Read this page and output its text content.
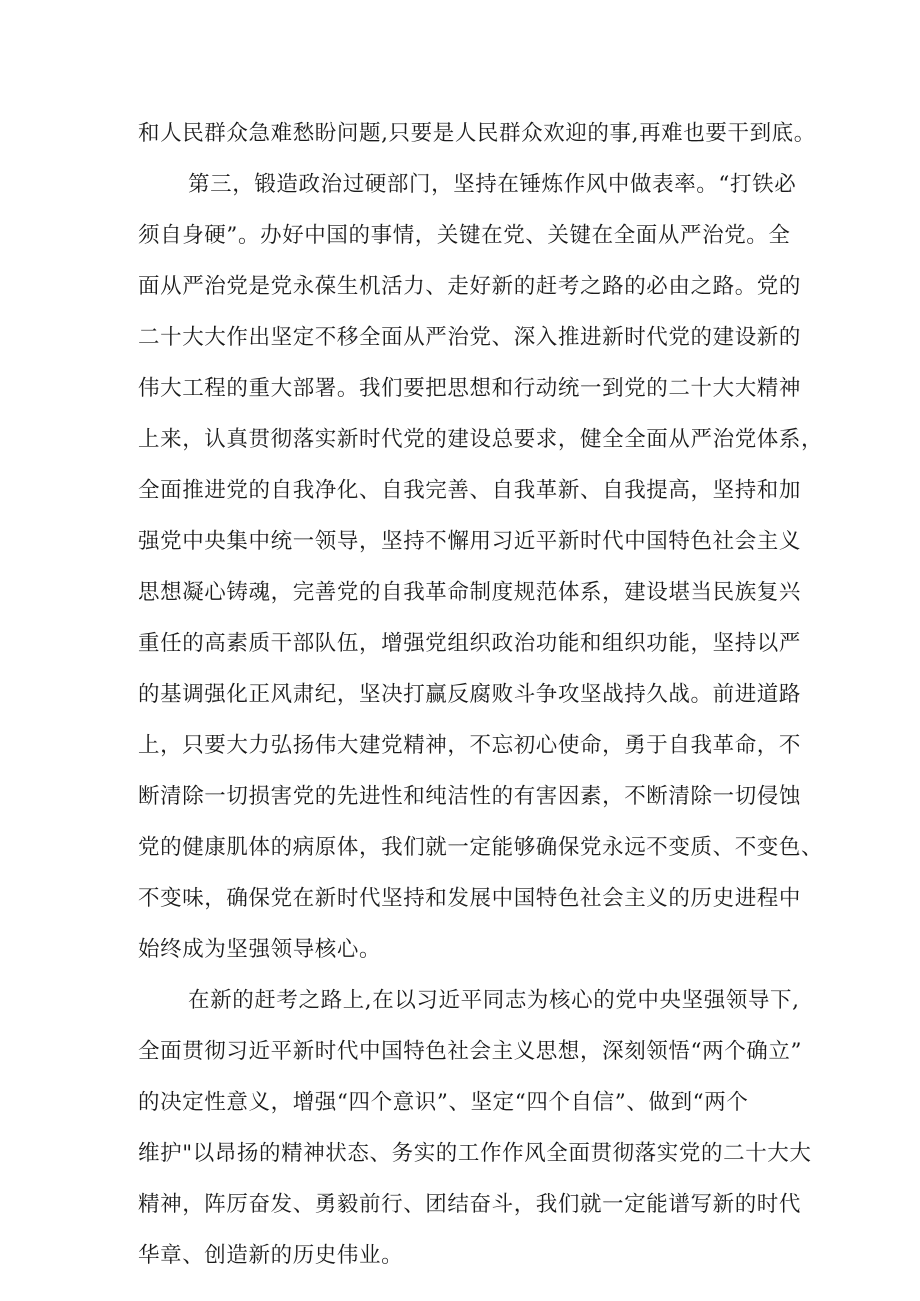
和人民群众急难愁盼问题,只要是人民群众欢迎的事,再难也要干到底。
第三，锻造政治过硬部门，坚持在锤炼作风中做表率。“打铁必
须自身硬”。办好中国的事情，关键在党、关键在全面从严治党。全
面从严治党是党永葆生机活力、走好新的赶考之路的必由之路。党的
二十大大作出坚定不移全面从严治党、深入推进新时代党的建设新的
伟大工程的重大部署。我们要把思想和行动统一到党的二十大大精神
上来，认真贯彻落实新时代党的建设总要求，健全全面从严治党体系，
全面推进党的自我净化、自我完善、自我革新、自我提高，坚持和加
强党中央集中统一领导，坚持不懈用习近平新时代中国特色社会主义
思想凝心铸魂，完善党的自我革命制度规范体系，建设堪当民族复兴
重任的高素质干部队伍，增强党组织政治功能和组织功能，坚持以严
的基调强化正风肃纪，坚决打赢反腐败斗争攻坚战持久战。前进道路
上，只要大力弘扬伟大建党精神，不忘初心使命，勇于自我革命，不
断清除一切损害党的先进性和纯洁性的有害因素，不断清除一切侵蚀
党的健康肌体的病原体，我们就一定能够确保党永远不变质、不变色、
不变味，确保党在新时代坚持和发展中国特色社会主义的历史进程中
始终成为坚强领导核心。
在新的赶考之路上,在以习近平同志为核心的党中央坚强领导下,
全面贯彻习近平新时代中国特色社会主义思想，深刻领悟“两个确立”
的决定性意义，增强“四个意识”、坚定“四个自信”、做到“两个
维护"以昂扬的精神状态、务实的工作作风全面贯彻落实党的二十大大
精神，阵厉奋发、勇毅前行、团结奋斗，我们就一定能谱写新的时代
华章、创造新的历史伟业。
